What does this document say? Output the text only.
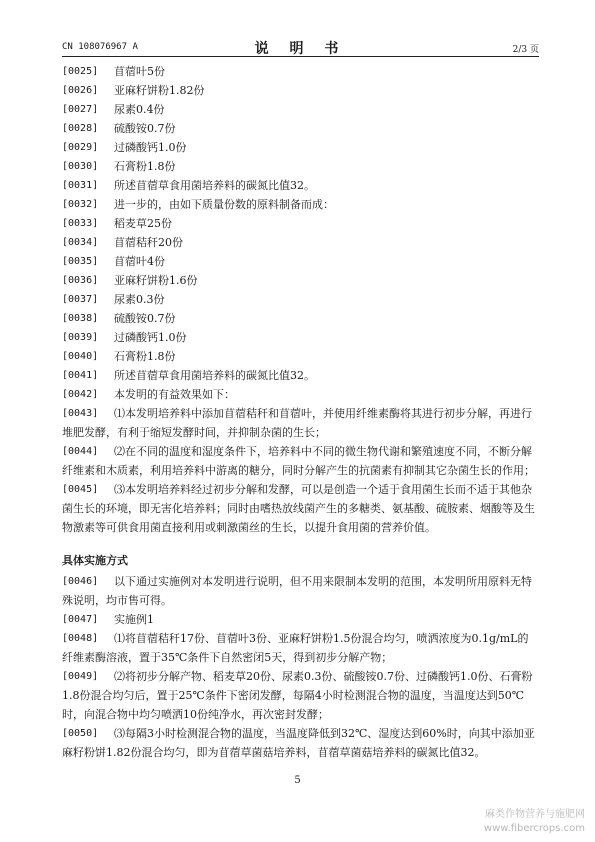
CN 108076967 A	说 明 书	2/3 页
[0025] 苜蓿叶5份
[0026] 亚麻籽饼粉1.82份
[0027] 尿素0.4份
[0028] 硫酸铵0.7份
[0029] 过磷酸钙1.0份
[0030] 石膏粉1.8份
[0031] 所述苜蓿草食用菌培养料的碳氮比值32。
[0032] 进一步的，由如下质量份数的原料制备而成：
[0033] 稻麦草25份
[0034] 苜蓿秸秆20份
[0035] 苜蓿叶4份
[0036] 亚麻籽饼粉1.6份
[0037] 尿素0.3份
[0038] 硫酸铵0.7份
[0039] 过磷酸钙1.0份
[0040] 石膏粉1.8份
[0041] 所述苜蓿草食用菌培养料的碳氮比值32。
[0042] 本发明的有益效果如下：
[0043] ⑴本发明培养料中添加苜蓿秸秆和苜蓿叶，并使用纤维素酶将其进行初步分解，再进行堆肥发酵，有利于缩短发酵时间，并抑制杂菌的生长；
[0044] ⑵在不同的温度和湿度条件下，培养料中不同的微生物代谢和繁殖速度不同，不断分解纤维素和木质素，利用培养料中游离的糖分，同时分解产生的抗菌素有抑制其它杂菌生长的作用；
[0045] ⑶本发明培养料经过初步分解和发酵，可以是创造一个适于食用菌生长而不适于其他杂菌生长的环境，即无害化培养料；同时由嗜热放线菌产生的多糖类、氨基酸、硫胺素、烟酸等及生物激素等可供食用菌直接利用或刺激菌丝的生长，以提升食用菌的营养价值。
具体实施方式
[0046] 以下通过实施例对本发明进行说明，但不用来限制本发明的范围，本发明所用原料无特殊说明，均市售可得。
[0047] 实施例1
[0048] ⑴将苜蓿秸秆17份、苜蓿叶3份、亚麻籽饼粉1.5份混合均匀，喷洒浓度为0.1g/mL的纤维素酶溶液，置于35℃条件下自然密闭5天，得到初步分解产物；
[0049] ⑵将初步分解产物、稻麦草20份、尿素0.3份、硫酸铵0.7份、过磷酸钙1.0份、石膏粉1.8份混合均匀后，置于25℃条件下密闭发酵，每隔4小时检测混合物的温度，当温度达到50℃时，向混合物中均匀喷洒10份纯净水，再次密封发酵；
[0050] ⑶每隔3小时检测混合物的温度，当温度降低到32℃、湿度达到60%时，向其中添加亚麻籽粉饼1.82份混合均匀，即为苜蓿草菌菇培养料，苜蓿草菌菇培养料的碳氮比值32。
5
麻类作物营养与施肥网
www.fibercrops.com
